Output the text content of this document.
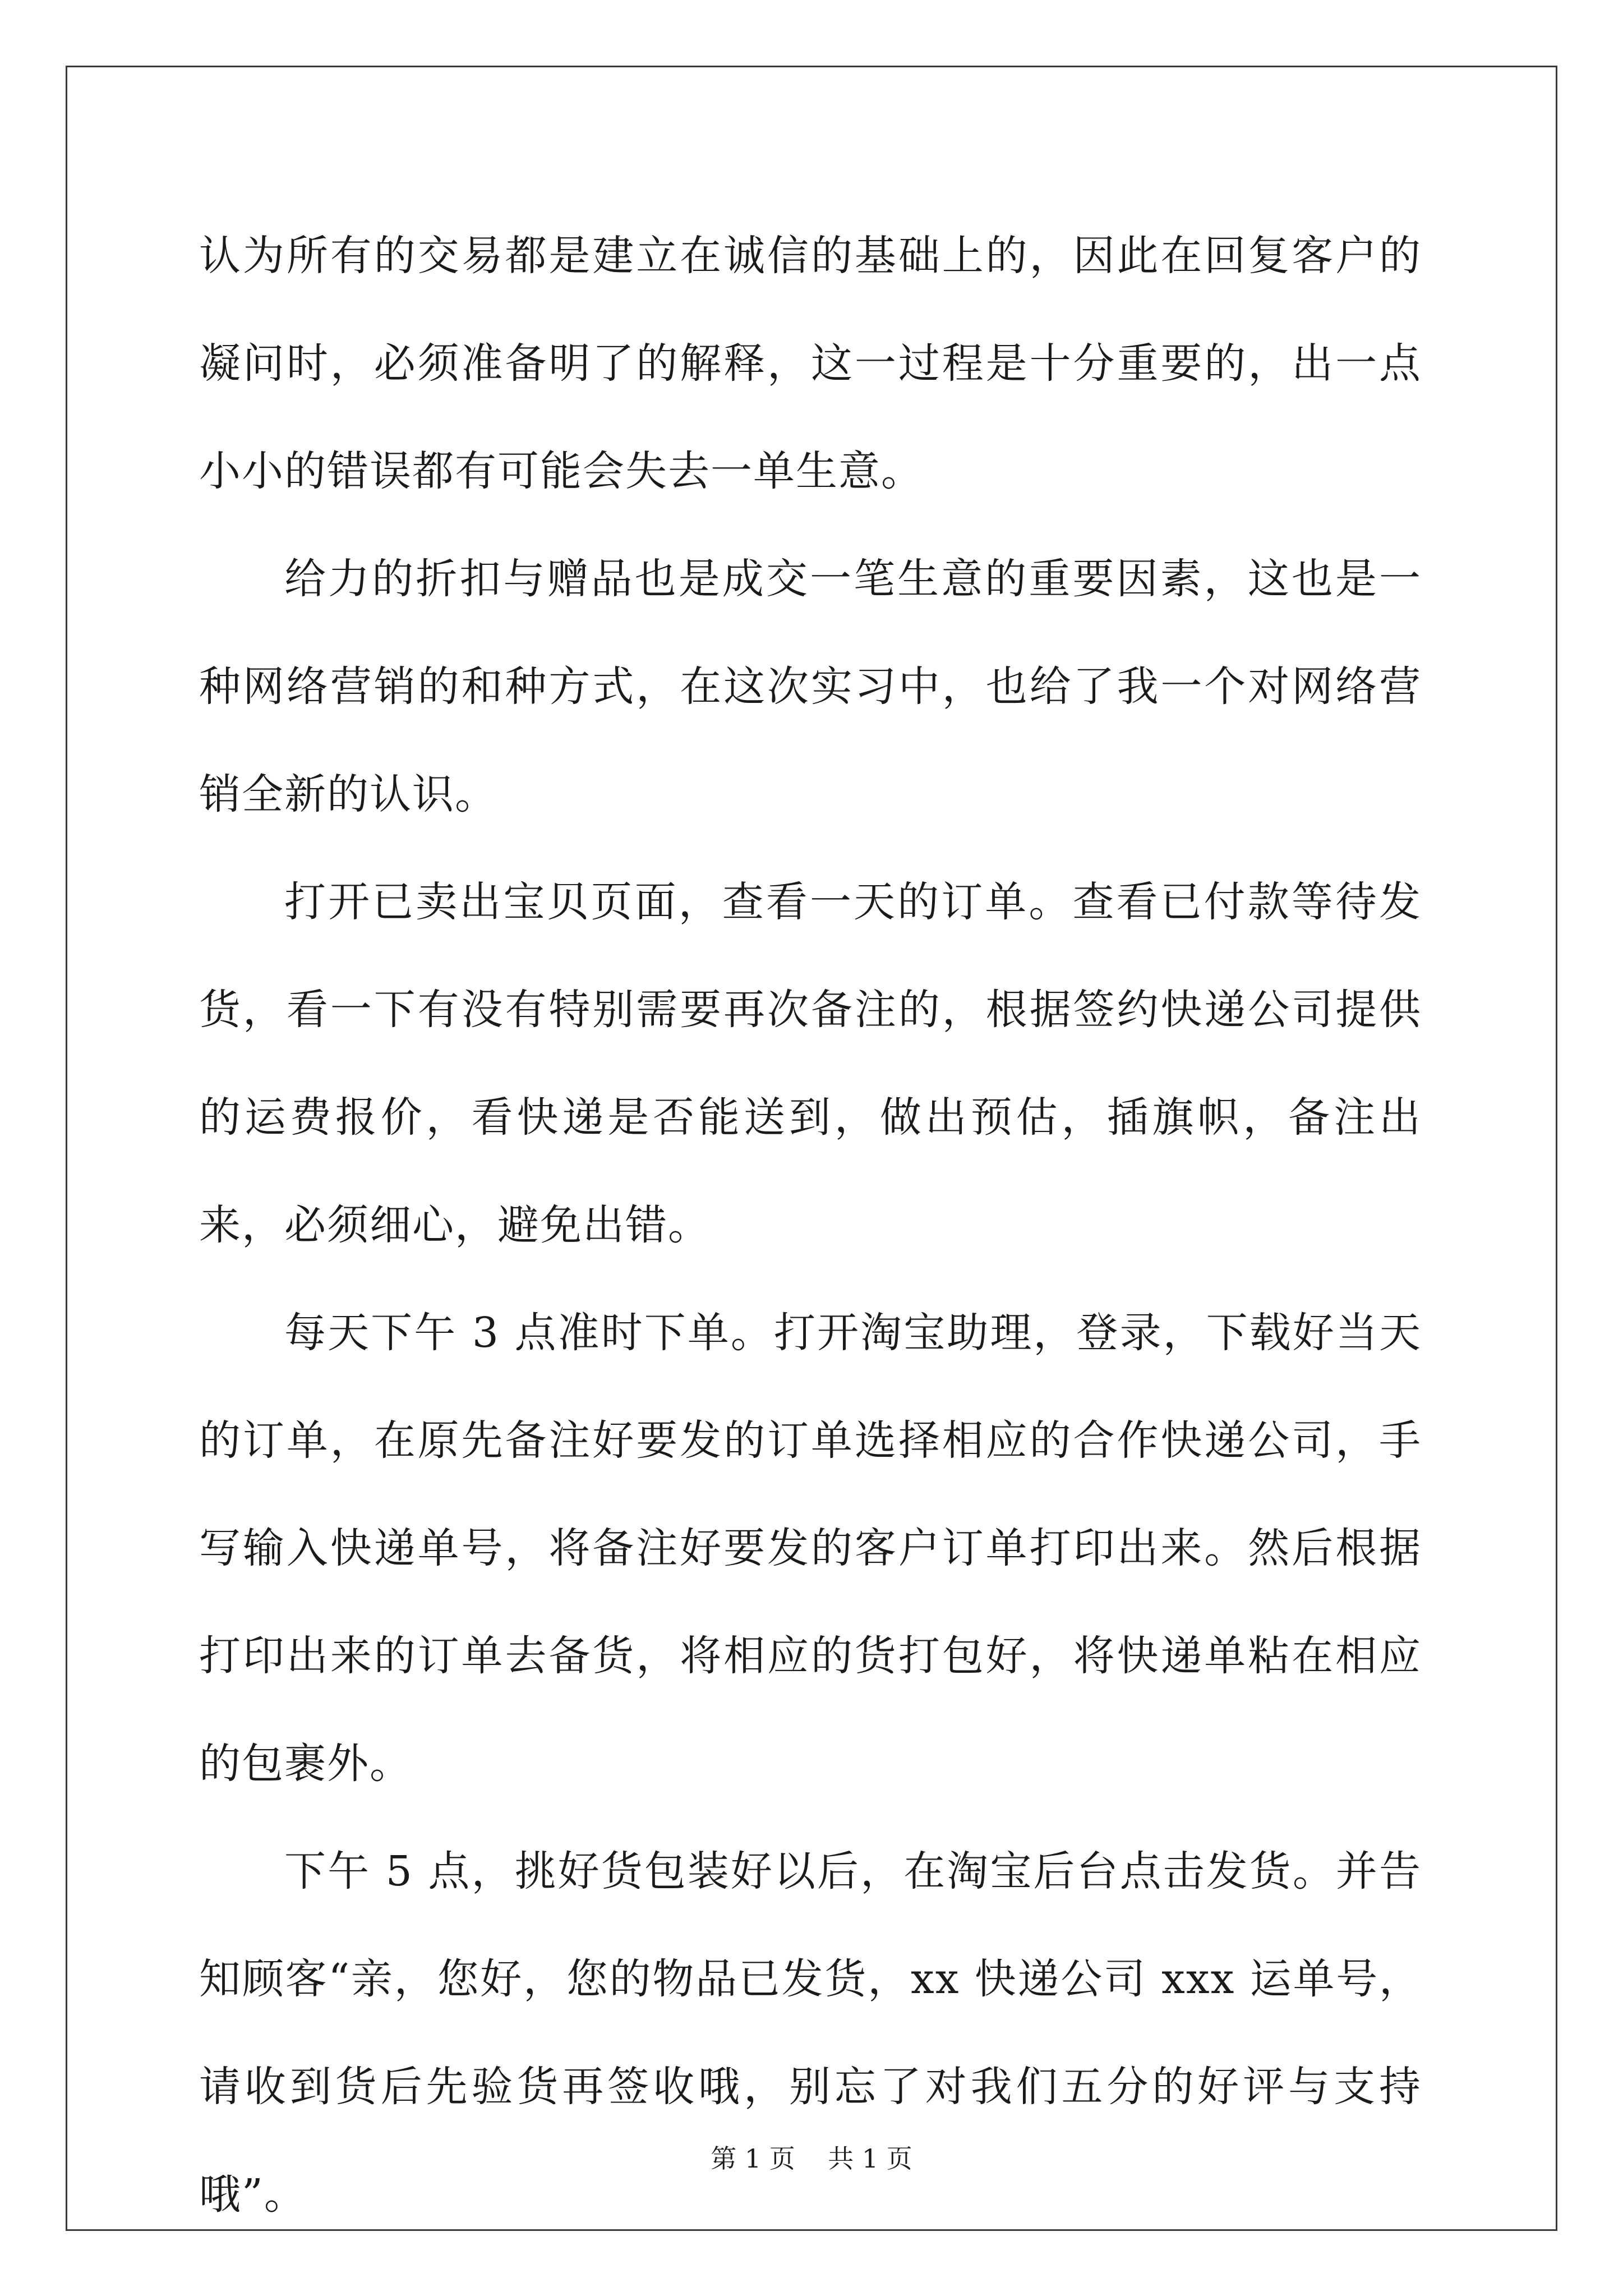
认为所有的交易都是建立在诚信的基础上的，因此在回复客户的凝问时，必须准备明了的解释，这一过程是十分重要的，出一点小小的错误都有可能会失去一单生意。

给力的折扣与赠品也是成交一笔生意的重要因素，这也是一种网络营销的和种方式，在这次实习中，也给了我一个对网络营销全新的认识。

打开已卖出宝贝页面，查看一天的订单。查看已付款等待发货，看一下有没有特别需要再次备注的，根据签约快递公司提供的运费报价，看快递是否能送到，做出预估，插旗帜，备注出来，必须细心，避免出错。

每天下午 3 点准时下单。打开淘宝助理，登录，下载好当天的订单，在原先备注好要发的订单选择相应的合作快递公司，手写输入快递单号，将备注好要发的客户订单打印出来。然后根据打印出来的订单去备货，将相应的货打包好，将快递单粘在相应的包裹外。

下午 5 点，挑好货包装好以后，在淘宝后台点击发货。并告知顾客“亲，您好，您的物品已发货，xx 快递公司 xxx 运单号，请收到货后先验货再签收哦，别忘了对我们五分的好评与支持哦”。

第 1 页    共 1 页
